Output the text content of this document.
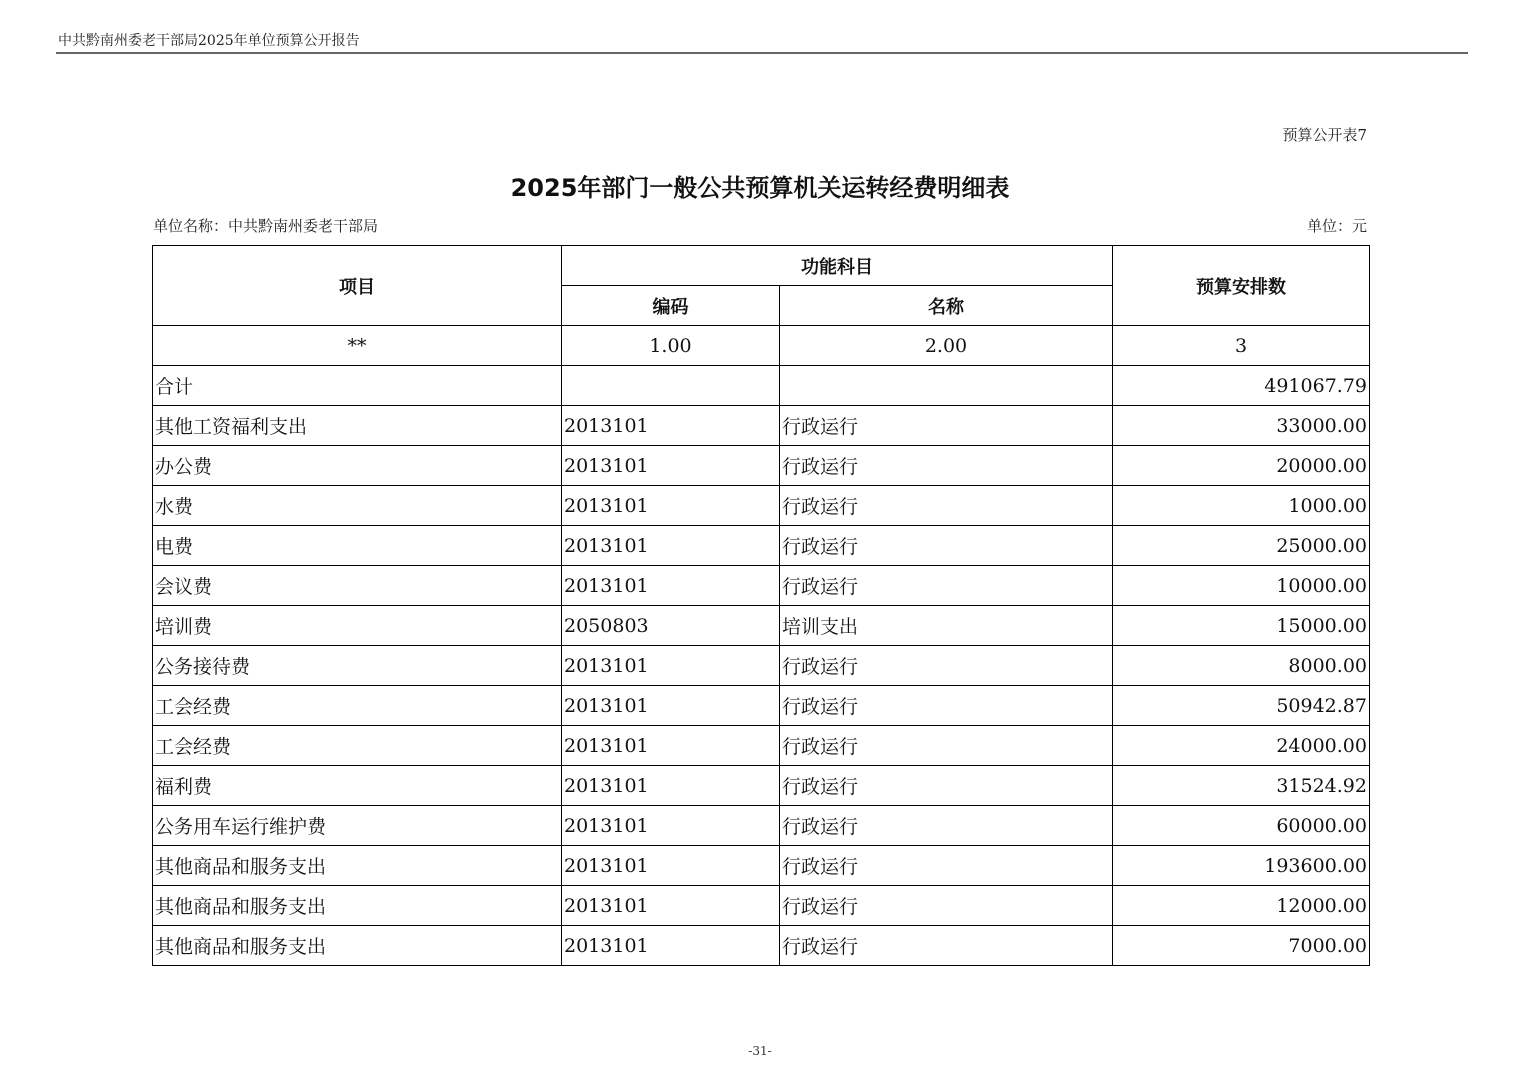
中共黔南州委老干部局2025年单位预算公开报告
预算公开表7
2025年部门一般公共预算机关运转经费明细表
单位名称：中共黔南州委老干部局	单位：元
项目	功能科目		预算安排数
	编码	名称	
**	1.00	2.00	3
合计			491067.79
其他工资福利支出	2013101	行政运行	33000.00
办公费	2013101	行政运行	20000.00
水费	2013101	行政运行	1000.00
电费	2013101	行政运行	25000.00
会议费	2013101	行政运行	10000.00
培训费	2050803	培训支出	15000.00
公务接待费	2013101	行政运行	8000.00
工会经费	2013101	行政运行	50942.87
工会经费	2013101	行政运行	24000.00
福利费	2013101	行政运行	31524.92
公务用车运行维护费	2013101	行政运行	60000.00
其他商品和服务支出	2013101	行政运行	193600.00
其他商品和服务支出	2013101	行政运行	12000.00
其他商品和服务支出	2013101	行政运行	7000.00
-31-
